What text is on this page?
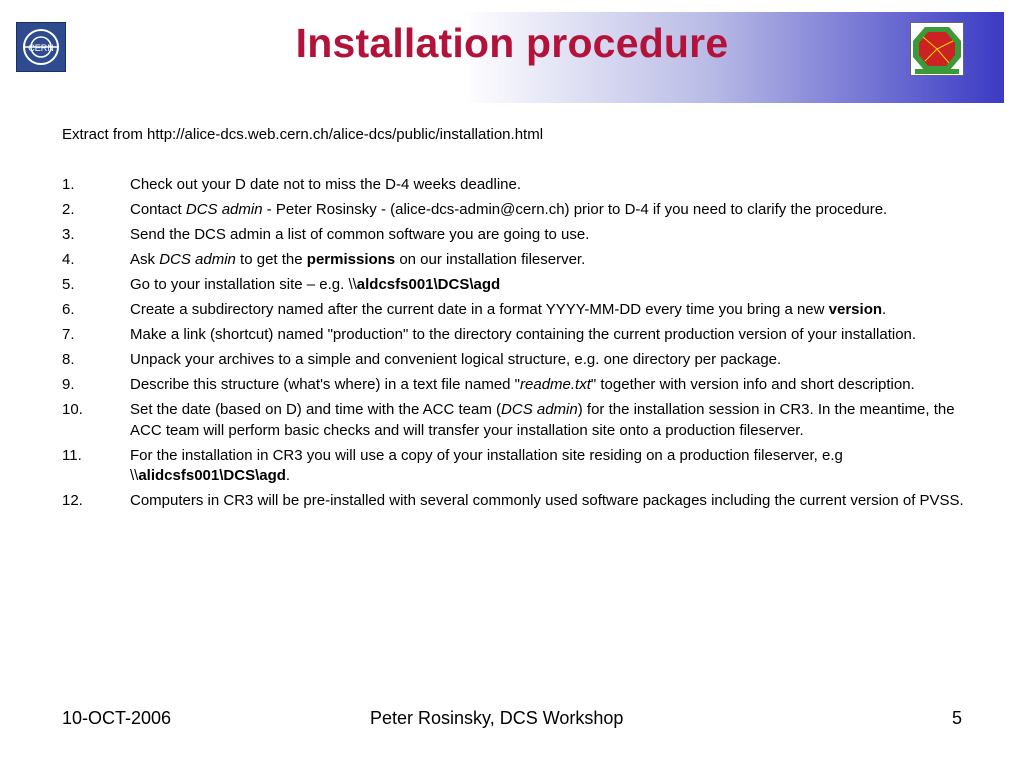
CERN	Installation procedure
Extract from http://alice-dcs.web.cern.ch/alice-dcs/public/installation.html
1.	Check out your D date not to miss the D-4 weeks deadline.
2.	Contact DCS admin - Peter Rosinsky - (alice-dcs-admin@cern.ch) prior to D-4 if you need to clarify the procedure.
3.	Send the DCS admin a list of common software you are going to use.
4.	Ask DCS admin to get the permissions on our installation fileserver.
5.	Go to your installation site – e.g. \\aldcsfs001\DCS\agd
6.	Create a subdirectory named after the current date in a format YYYY-MM-DD every time you bring a new version.
7.	Make a link (shortcut) named "production" to the directory containing the current production version of your installation.
8.	Unpack your archives to a simple and convenient logical structure, e.g. one directory per package.
9.	Describe this structure (what's where) in a text file named "readme.txt" together with version info and short description.
10.	Set the date (based on D) and time with the ACC team (DCS admin) for the installation session in CR3. In the meantime, the ACC team will perform basic checks and will transfer your installation site onto a production fileserver.
11.	For the installation in CR3 you will use a copy of your installation site residing on a production fileserver, e.g \\alidcsfs001\DCS\agd.
12.	Computers in CR3 will be pre-installed with several commonly used software packages including the current version of PVSS.
10-OCT-2006	Peter Rosinsky, DCS Workshop	5
